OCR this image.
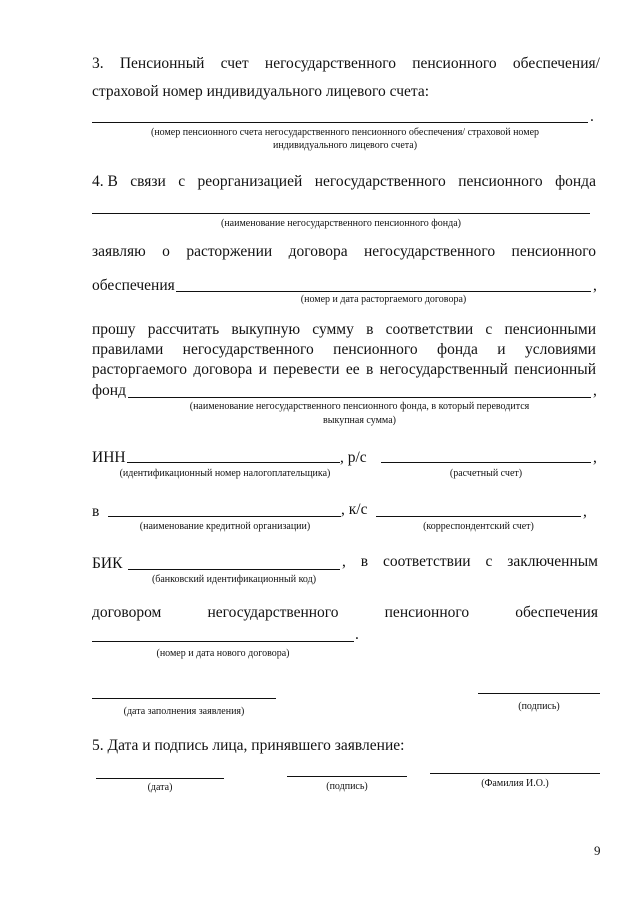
3. Пенсионный счет негосударственного пенсионного обеспечения/
страховой номер индивидуального лицевого счета:
.
(номер пенсионного счета негосударственного пенсионного обеспечения/ страховой номер
индивидуального лицевого счета)
4. В связи с реорганизацией негосударственного пенсионного фонда
(наименование негосударственного пенсионного фонда)
заявляю о расторжении договора негосударственного пенсионного
обеспечения	,
(номер и дата расторгаемого договора)
прошу рассчитать выкупную сумму в соответствии с пенсионными
правилами негосударственного пенсионного фонда и условиями
расторгаемого договора и перевести ее в негосударственный пенсионный
фонд	,
(наименование негосударственного пенсионного фонда, в который переводится
выкупная сумма)
ИНН	, р/с	,
(идентификационный номер налогоплательщика)	(расчетный счет)
в	, к/с	,
(наименование кредитной организации)	(корреспондентский счет)
БИК	, в соответствии с заключенным
(банковский идентификационный код)
договором	негосударственного	пенсионного	обеспечения
.
(номер и дата нового договора)
(дата заполнения заявления)	(подпись)
5. Дата и подпись лица, принявшего заявление:
(дата)	(подпись)	(Фамилия И.О.)
9
